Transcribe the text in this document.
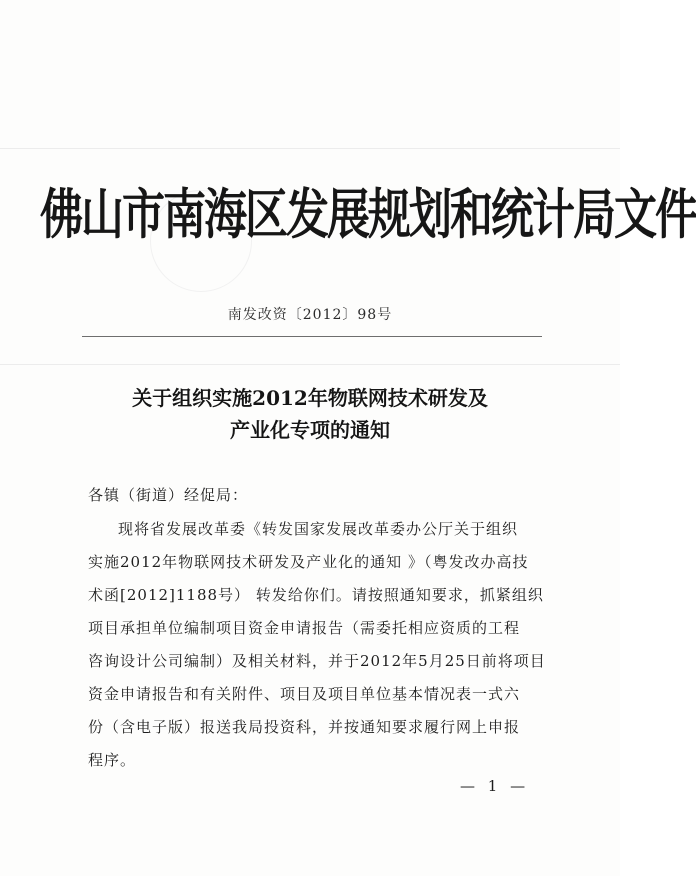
佛山市南海区发展规划和统计局文件
南发改资〔2012〕98号
关于组织实施2012年物联网技术研发及
产业化专项的通知
各镇（街道）经促局：
现将省发展改革委《转发国家发展改革委办公厅关于组织
实施2012年物联网技术研发及产业化的通知 》（粤发改办高技
术函[2012]1188号） 转发给你们。请按照通知要求，抓紧组织
项目承担单位编制项目资金申请报告（需委托相应资质的工程
咨询设计公司编制）及相关材料，并于2012年5月25日前将项目
资金申请报告和有关附件、项目及项目单位基本情况表一式六
份（含电子版）报送我局投资科，并按通知要求履行网上申报
程序。
— 1 —
